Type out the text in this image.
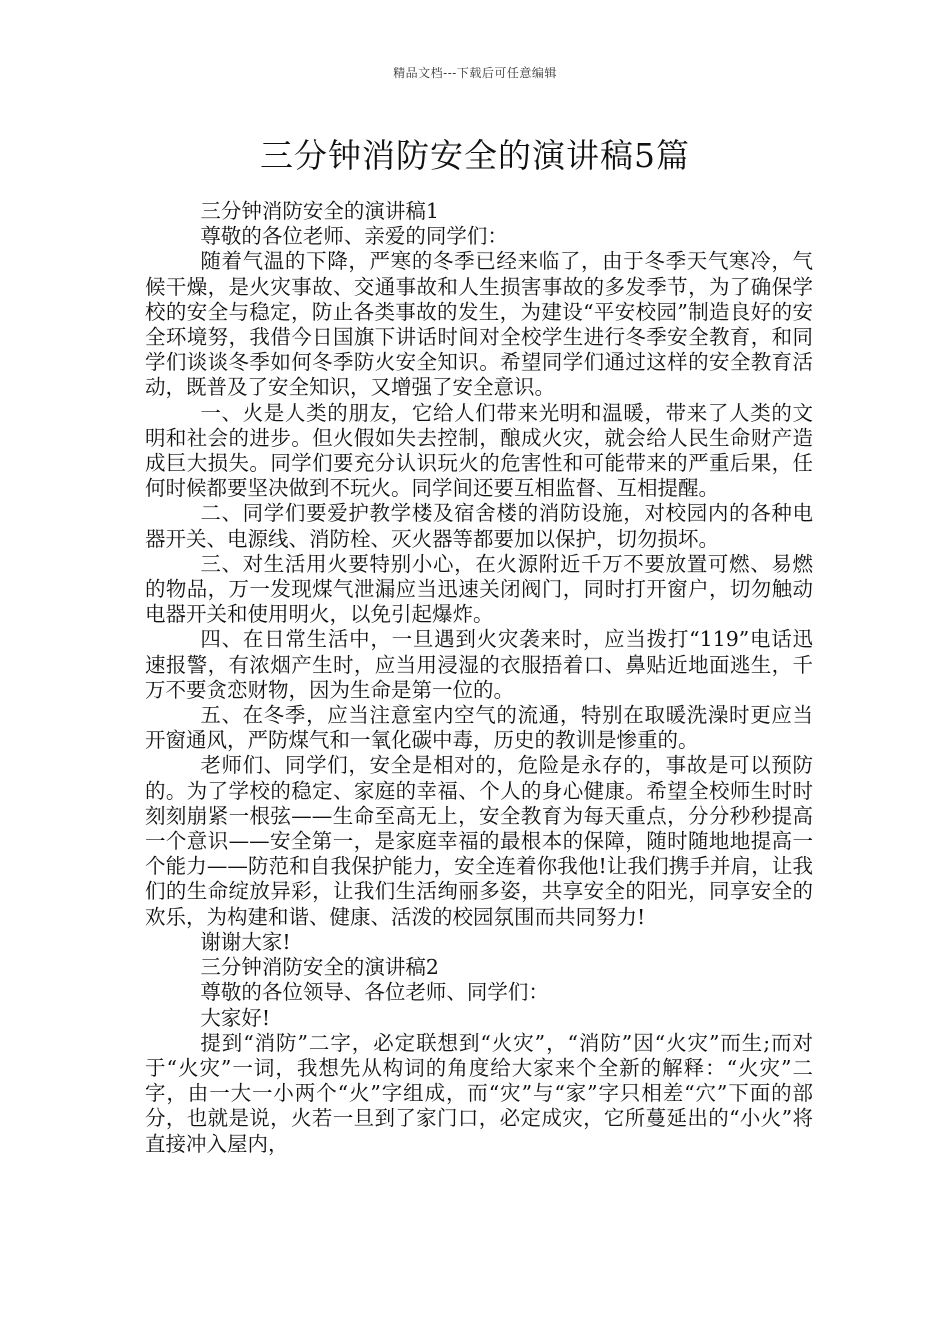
精品文档---下载后可任意编辑
三分钟消防安全的演讲稿5篇

三分钟消防安全的演讲稿1

尊敬的各位老师、亲爱的同学们：

随着气温的下降，严寒的冬季已经来临了，由于冬季天气寒冷，气候干燥，是火灾事故、交通事故和人生损害事故的多发季节，为了确保学校的安全与稳定，防止各类事故的发生，为建设“平安校园”制造良好的安全环境努，我借今日国旗下讲话时间对全校学生进行冬季安全教育，和同学们谈谈冬季如何冬季防火安全知识。希望同学们通过这样的安全教育活动，既普及了安全知识，又增强了安全意识。

一、火是人类的朋友，它给人们带来光明和温暖，带来了人类的文明和社会的进步。但火假如失去控制，酿成火灾，就会给人民生命财产造成巨大损失。同学们要充分认识玩火的危害性和可能带来的严重后果，任何时候都要坚决做到不玩火。同学间还要互相监督、互相提醒。

二、同学们要爱护教学楼及宿舍楼的消防设施，对校园内的各种电器开关、电源线、消防栓、灭火器等都要加以保护，切勿损坏。

三、对生活用火要特别小心，在火源附近千万不要放置可燃、易燃的物品，万一发现煤气泄漏应当迅速关闭阀门，同时打开窗户，切勿触动电器开关和使用明火，以免引起爆炸。

四、在日常生活中，一旦遇到火灾袭来时，应当拨打“119”电话迅速报警，有浓烟产生时，应当用浸湿的衣服捂着口、鼻贴近地面逃生，千万不要贪恋财物，因为生命是第一位的。

五、在冬季，应当注意室内空气的流通，特别在取暖洗澡时更应当开窗通风，严防煤气和一氧化碳中毒，历史的教训是惨重的。

老师们、同学们，安全是相对的，危险是永存的，事故是可以预防的。为了学校的稳定、家庭的幸福、个人的身心健康。希望全校师生时时刻刻崩紧一根弦——生命至高无上，安全教育为每天重点，分分秒秒提高一个意识——安全第一，是家庭幸福的最根本的保障，随时随地地提高一个能力——防范和自我保护能力，安全连着你我他!让我们携手并肩，让我们的生命绽放异彩，让我们生活绚丽多姿，共享安全的阳光，同享安全的欢乐，为构建和谐、健康、活泼的校园氛围而共同努力!

谢谢大家!

三分钟消防安全的演讲稿2

尊敬的各位领导、各位老师、同学们：

大家好!

提到“消防”二字，必定联想到“火灾”，“消防”因“火灾”而生;而对于“火灾”一词，我想先从构词的角度给大家来个全新的解释：“火灾”二字，由一大一小两个“火”字组成，而“灾”与“家”字只相差“穴”下面的部分，也就是说，火若一旦到了家门口，必定成灾，它所蔓延出的“小火”将直接冲入屋内，
